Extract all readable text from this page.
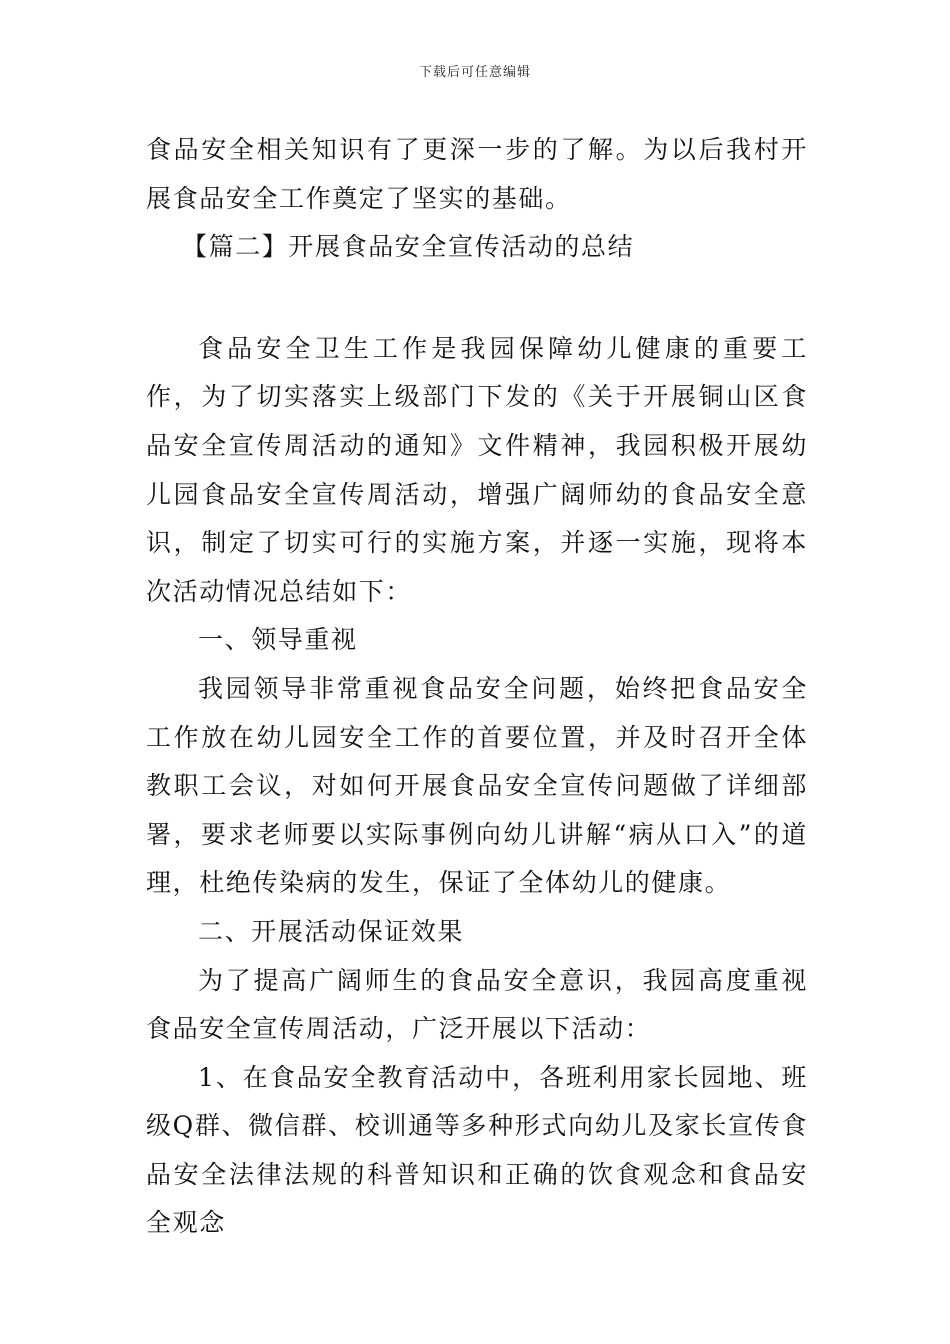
下载后可任意编辑

食品安全相关知识有了更深一步的了解。为以后我村开展食品安全工作奠定了坚实的基础。

【篇二】开展食品安全宣传活动的总结

食品安全卫生工作是我园保障幼儿健康的重要工作，为了切实落实上级部门下发的《关于开展铜山区食品安全宣传周活动的通知》文件精神，我园积极开展幼儿园食品安全宣传周活动，增强广阔师幼的食品安全意识，制定了切实可行的实施方案，并逐一实施，现将本次活动情况总结如下：

一、领导重视

我园领导非常重视食品安全问题，始终把食品安全工作放在幼儿园安全工作的首要位置，并及时召开全体教职工会议，对如何开展食品安全宣传问题做了详细部署，要求老师要以实际事例向幼儿讲解“病从口入”的道理，杜绝传染病的发生，保证了全体幼儿的健康。

二、开展活动保证效果

为了提高广阔师生的食品安全意识，我园高度重视食品安全宣传周活动，广泛开展以下活动：

1、在食品安全教育活动中，各班利用家长园地、班级Q群、微信群、校训通等多种形式向幼儿及家长宣传食品安全法律法规的科普知识和正确的饮食观念和食品安全观念
